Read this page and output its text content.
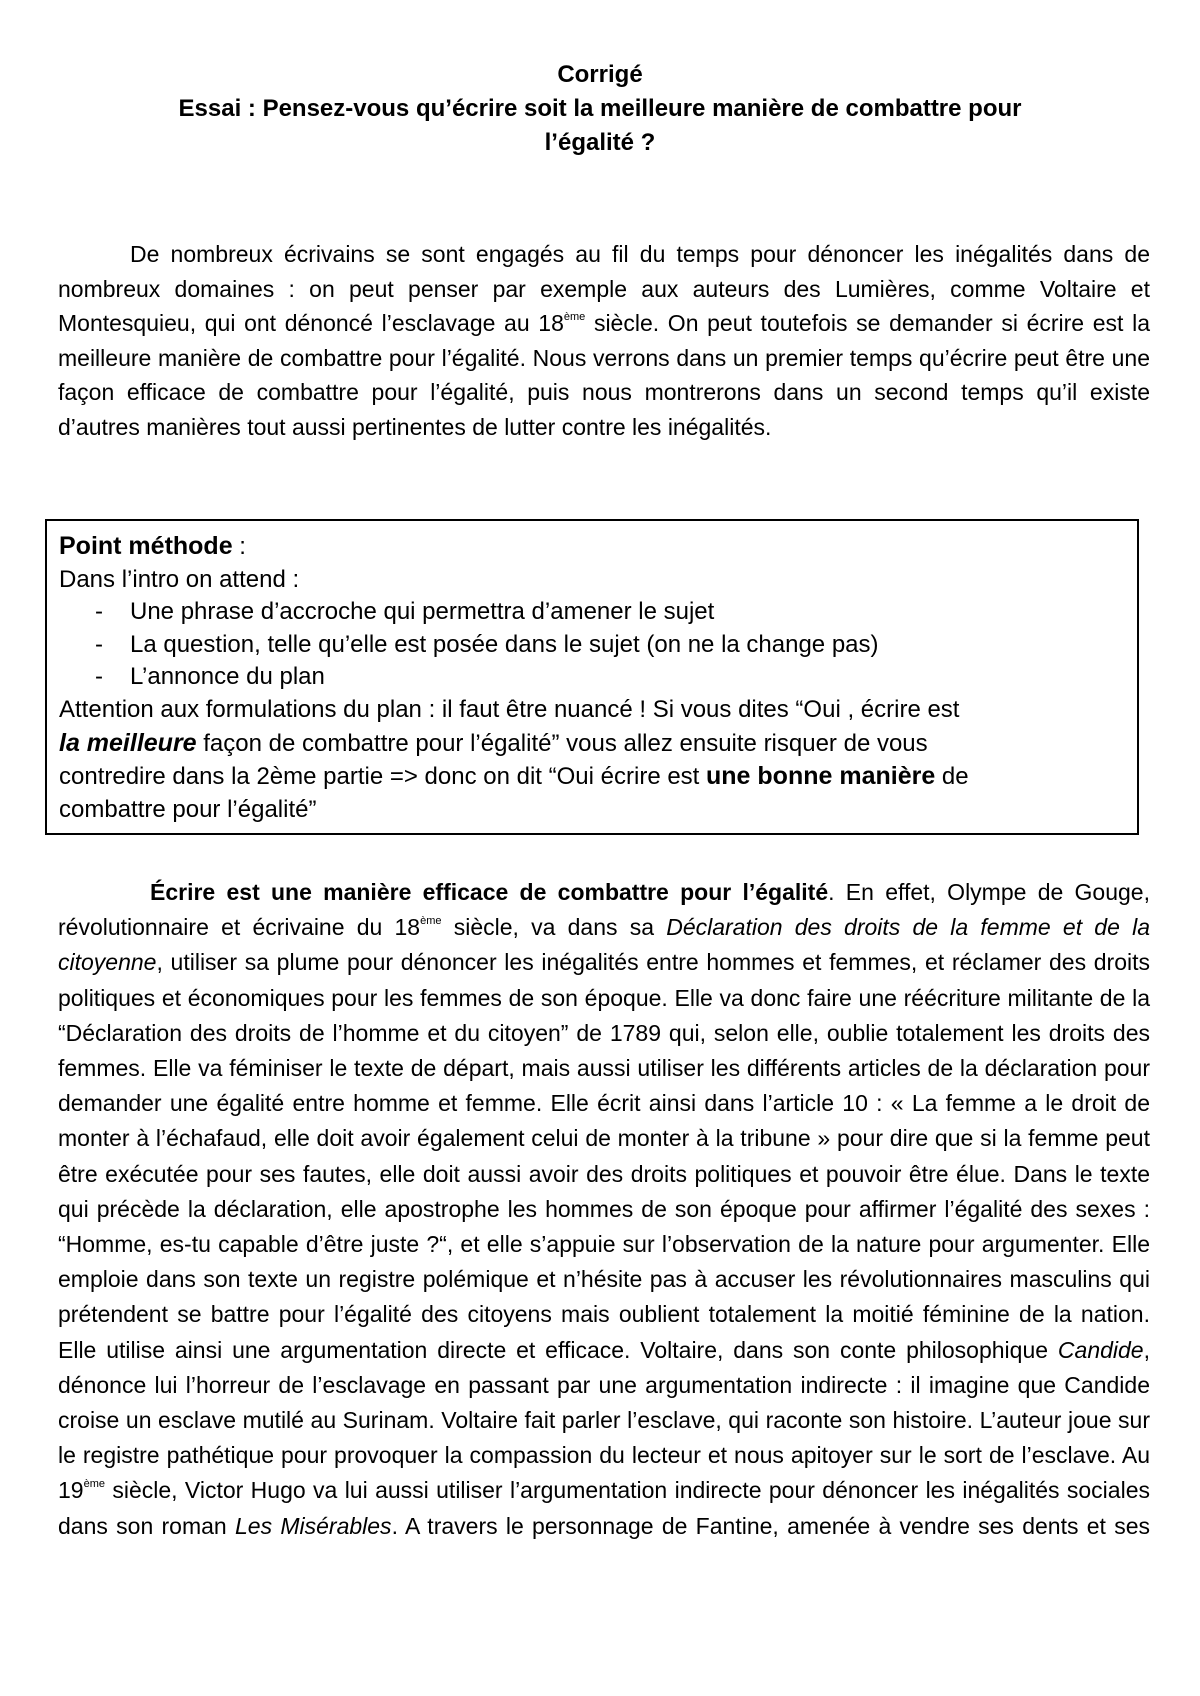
Corrigé
Essai : Pensez-vous qu’écrire soit la meilleure manière de combattre pour
l’égalité ?

De nombreux écrivains se sont engagés au fil du temps pour dénoncer les inégalités dans de nombreux domaines : on peut penser par exemple aux auteurs des Lumières, comme Voltaire et Montesquieu, qui ont dénoncé l’esclavage au 18ème siècle. On peut toutefois se demander si écrire est la meilleure manière de combattre pour l’égalité. Nous verrons dans un premier temps qu’écrire peut être une façon efficace de combattre pour l’égalité, puis nous montrerons dans un second temps qu’il existe d’autres manières tout aussi pertinentes de lutter contre les inégalités.

Point méthode :
Dans l’intro on attend :
- Une phrase d’accroche qui permettra d’amener le sujet
- La question, telle qu’elle est posée dans le sujet (on ne la change pas)
- L’annonce du plan
Attention aux formulations du plan : il faut être nuancé ! Si vous dites “Oui , écrire est
la meilleure façon de combattre pour l’égalité” vous allez ensuite risquer de vous
contredire dans la 2ème partie => donc on dit “Oui écrire est une bonne manière de
combattre pour l’égalité”

Écrire est une manière efficace de combattre pour l’égalité. En effet, Olympe de Gouge, révolutionnaire et écrivaine du 18ème siècle, va dans sa Déclaration des droits de la femme et de la citoyenne, utiliser sa plume pour dénoncer les inégalités entre hommes et femmes, et réclamer des droits politiques et économiques pour les femmes de son époque. Elle va donc faire une réécriture militante de la “Déclaration des droits de l’homme et du citoyen” de 1789 qui, selon elle, oublie totalement les droits des femmes. Elle va féminiser le texte de départ, mais aussi utiliser les différents articles de la déclaration pour demander une égalité entre homme et femme. Elle écrit ainsi dans l’article 10 : « La femme a le droit de monter à l’échafaud, elle doit avoir également celui de monter à la tribune » pour dire que si la femme peut être exécutée pour ses fautes, elle doit aussi avoir des droits politiques et pouvoir être élue. Dans le texte qui précède la déclaration, elle apostrophe les hommes de son époque pour affirmer l’égalité des sexes : “Homme, es-tu capable d’être juste ?“, et elle s’appuie sur l’observation de la nature pour argumenter. Elle emploie dans son texte un registre polémique et n’hésite pas à accuser les révolutionnaires masculins qui prétendent se battre pour l’égalité des citoyens mais oublient totalement la moitié féminine de la nation. Elle utilise ainsi une argumentation directe et efficace. Voltaire, dans son conte philosophique Candide, dénonce lui l’horreur de l’esclavage en passant par une argumentation indirecte : il imagine que Candide croise un esclave mutilé au Surinam. Voltaire fait parler l’esclave, qui raconte son histoire. L’auteur joue sur le registre pathétique pour provoquer la compassion du lecteur et nous apitoyer sur le sort de l’esclave. Au 19ème siècle, Victor Hugo va lui aussi utiliser l’argumentation indirecte pour dénoncer les inégalités sociales dans son roman Les Misérables. A travers le personnage de Fantine, amenée à vendre ses dents et ses
